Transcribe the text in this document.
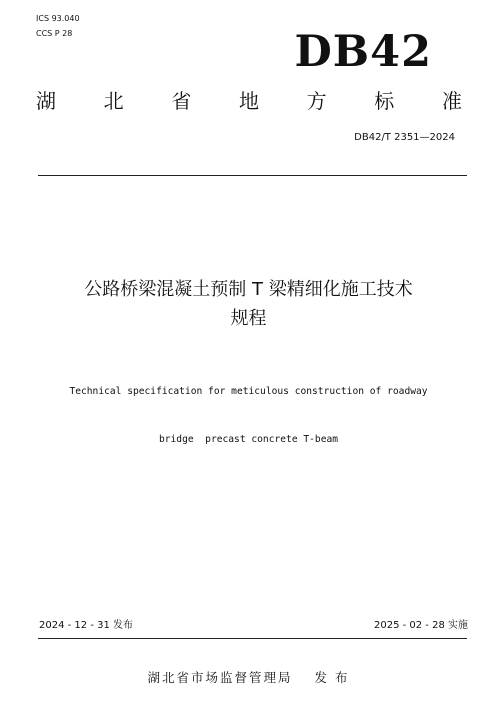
ICS 93.040
CCS P 28	DB42
湖 北 省 地 方 标 准
DB42/T 2351—2024
公路桥梁混凝土预制 T 梁精细化施工技术
规程

Technical specification for meticulous construction of roadway

bridge  precast concrete T-beam

2024 - 12 - 31 发布	2025 - 02 - 28 实施
湖北省市场监督管理局 发 布
